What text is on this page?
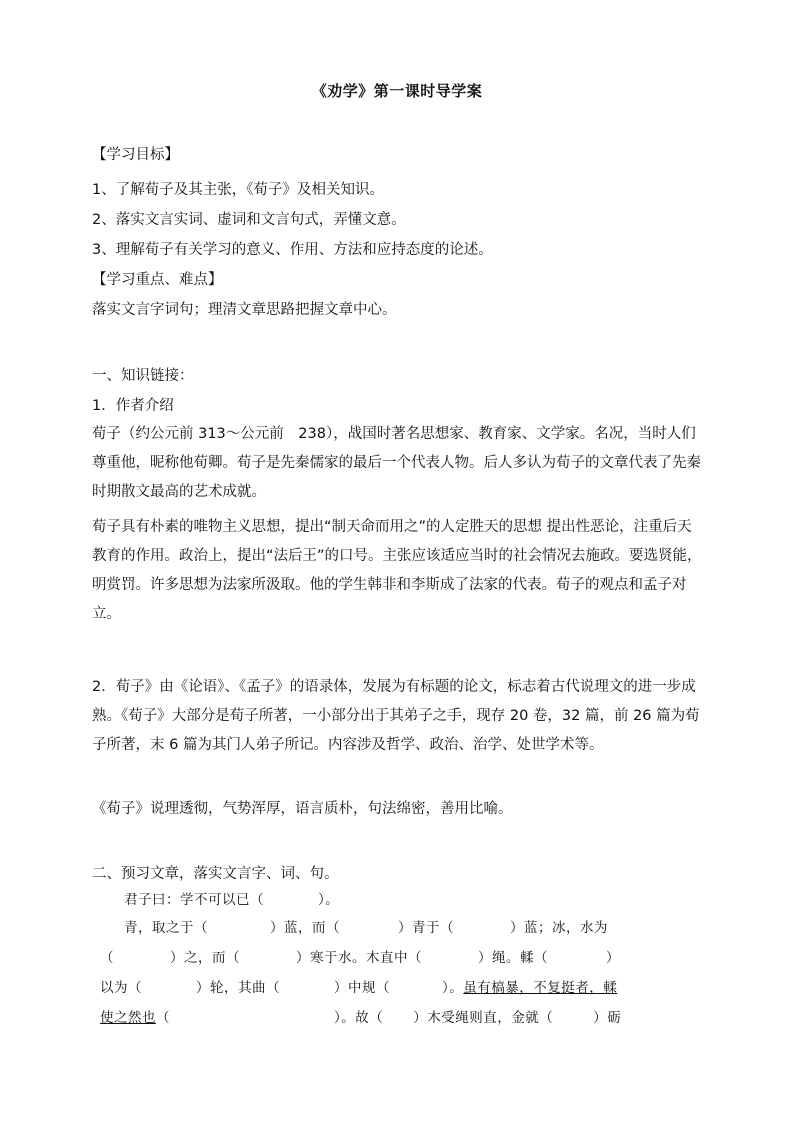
《劝学》第一课时导学案
【学习目标】
1、了解荀子及其主张，《荀子》及相关知识。
2、落实文言实词、虚词和文言句式，弄懂文意。
3、理解荀子有关学习的意义、作用、方法和应持态度的论述。
【学习重点、难点】
落实文言字词句；理清文章思路把握文章中心。
一、知识链接：
1．作者介绍
荀子（约公元前 313～公元前　238），战国时著名思想家、教育家、文学家。名况，当时人们尊重他，昵称他荀卿。荀子是先秦儒家的最后一个代表人物。后人多认为荀子的文章代表了先秦时期散文最高的艺术成就。
荀子具有朴素的唯物主义思想，提出“制天命而用之”的人定胜天的思想 提出性恶论，注重后天教育的作用。政治上，提出“法后王”的口号。主张应该适应当时的社会情况去施政。要选贤能，明赏罚。许多思想为法家所汲取。他的学生韩非和李斯成了法家的代表。荀子的观点和孟子对立。
2．荀子》由《论语》、《孟子》的语录体，发展为有标题的论文，标志着古代说理文的进一步成熟。《荀子》大部分是荀子所著，一小部分出于其弟子之手，现存 20 卷，32 篇，前 26 篇为荀子所著，末 6 篇为其门人弟子所记。内容涉及哲学、政治、治学、处世学术等。
《荀子》说理透彻，气势浑厚，语言质朴，句法绵密，善用比喻。
二、预习文章，落实文言字、词、句。
君子曰：学不可以已（	）。
青，取之于（	）蓝，而（	）青于（	）蓝；冰，水为
（	）之，而（	）寒于水。木直中（	）绳。輮（	）
以为（	）轮，其曲（	）中规（	）。虽有槁暴，不复挺者，輮
使之然也（	）。故（ ）木受绳则直，金就（	）砺
